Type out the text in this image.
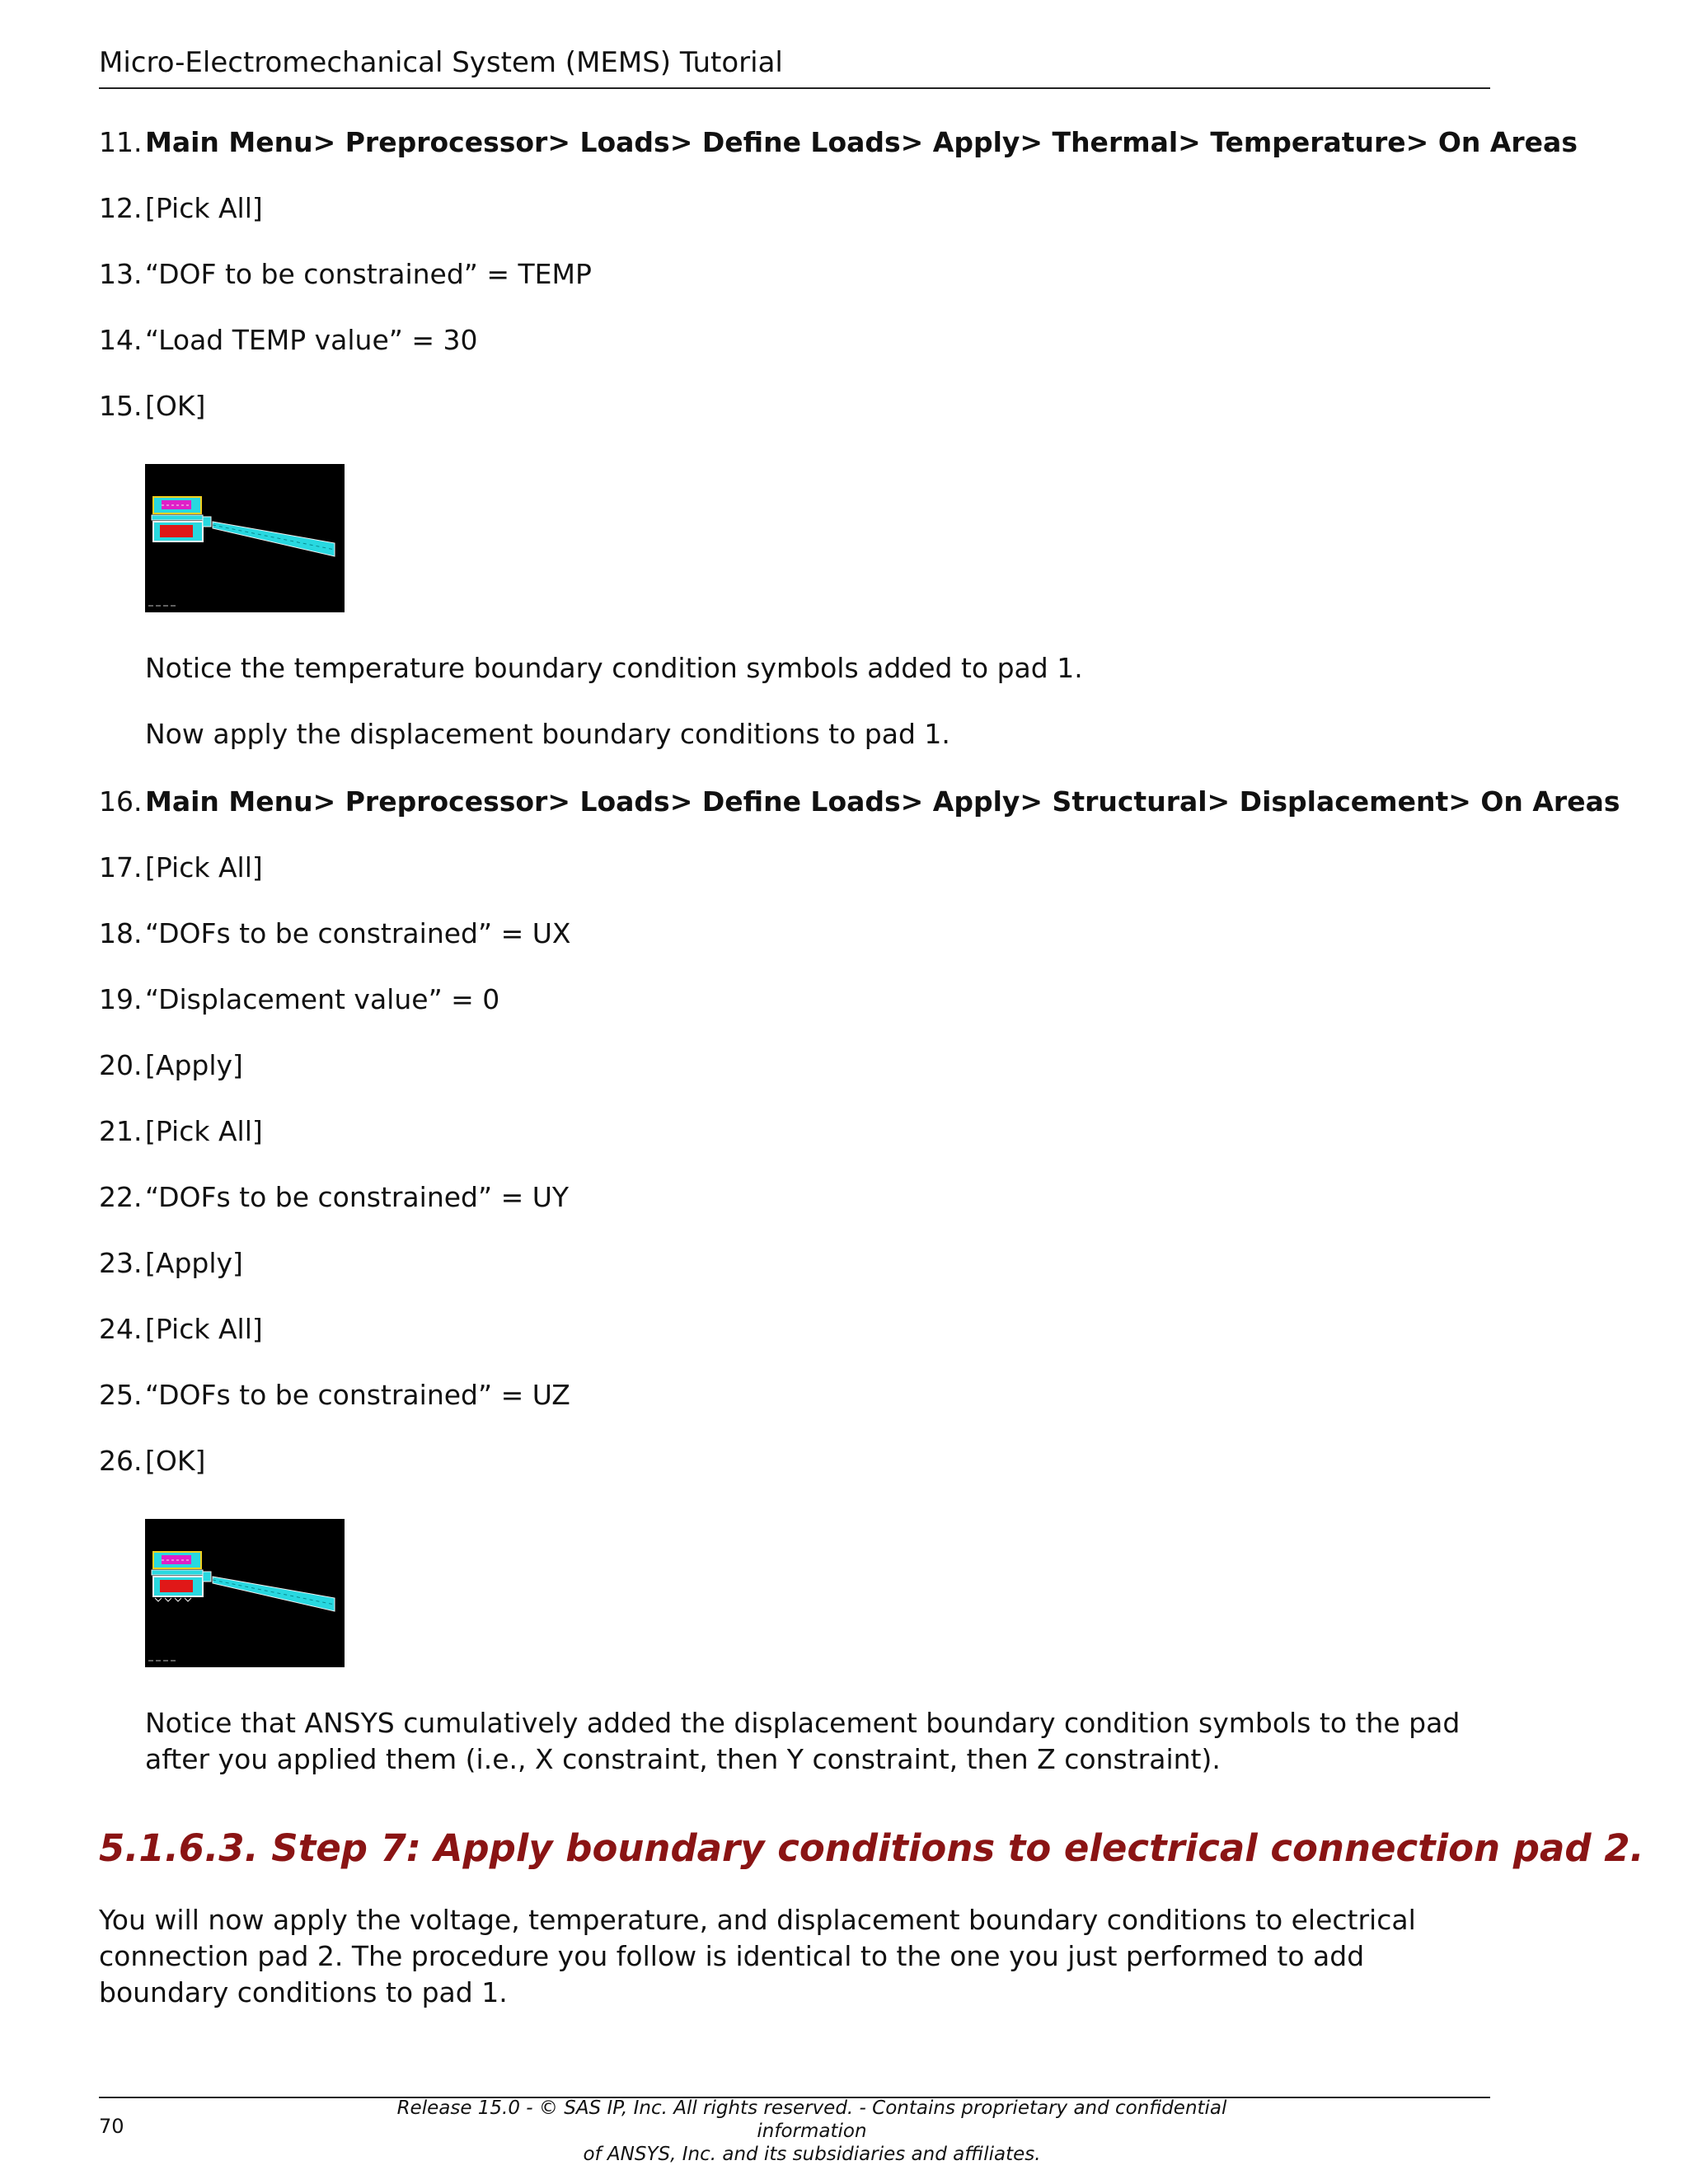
Micro-Electromechanical System (MEMS) Tutorial
11. Main Menu> Preprocessor> Loads> Define Loads> Apply> Thermal> Temperature> On Areas
12. [Pick All]
13. “DOF to be constrained” = TEMP
14. “Load TEMP value” = 30
15. [OK]
Notice the temperature boundary condition symbols added to pad 1.
Now apply the displacement boundary conditions to pad 1.
16. Main Menu> Preprocessor> Loads> Define Loads> Apply> Structural> Displacement> On Areas
17. [Pick All]
18. “DOFs to be constrained” = UX
19. “Displacement value” = 0
20. [Apply]
21. [Pick All]
22. “DOFs to be constrained” = UY
23. [Apply]
24. [Pick All]
25. “DOFs to be constrained” = UZ
26. [OK]
Notice that ANSYS cumulatively added the displacement boundary condition symbols to the pad after you applied them (i.e., X constraint, then Y constraint, then Z constraint).
5.1.6.3. Step 7: Apply boundary conditions to electrical connection pad 2.
You will now apply the voltage, temperature, and displacement boundary conditions to electrical connection pad 2. The procedure you follow is identical to the one you just performed to add boundary conditions to pad 1.
70
Release 15.0 - © SAS IP, Inc. All rights reserved. - Contains proprietary and confidential information
of ANSYS, Inc. and its subsidiaries and affiliates.
